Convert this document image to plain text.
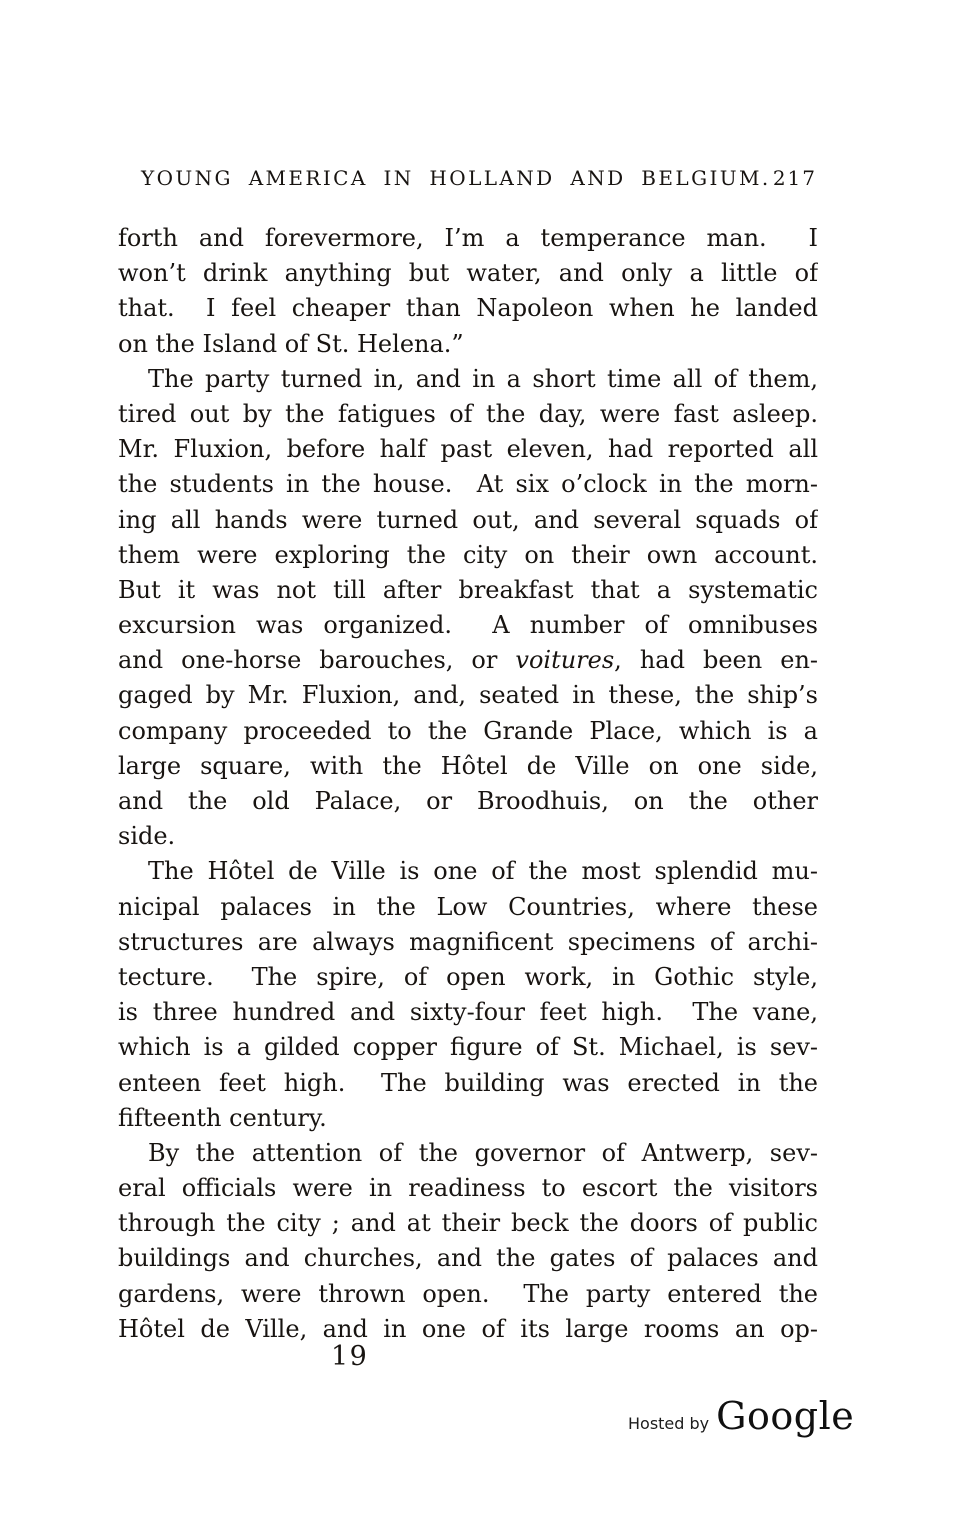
YOUNG AMERICA IN HOLLAND AND BELGIUM. 217
forth and forevermore, I’m a temperance man.  I
won’t drink anything but water, and only a little of
that.  I feel cheaper than Napoleon when he landed
on the Island of St. Helena.”
The party turned in, and in a short time all of them,
tired out by the fatigues of the day, were fast asleep.
Mr. Fluxion, before half past eleven, had reported all
the students in the house.  At six o’clock in the morn-
ing all hands were turned out, and several squads of
them were exploring the city on their own account.
But it was not till after breakfast that a systematic
excursion was organized.  A number of omnibuses
and one-horse barouches, or voitures, had been en-
gaged by Mr. Fluxion, and, seated in these, the ship’s
company proceeded to the Grande Place, which is a
large square, with the Hôtel de Ville on one side,
and the old Palace, or Broodhuis, on the other
side.
The Hôtel de Ville is one of the most splendid mu-
nicipal palaces in the Low Countries, where these
structures are always magnificent specimens of archi-
tecture.  The spire, of open work, in Gothic style,
is three hundred and sixty-four feet high.  The vane,
which is a gilded copper figure of St. Michael, is sev-
enteen feet high.  The building was erected in the
fifteenth century.
By the attention of the governor of Antwerp, sev-
eral officials were in readiness to escort the visitors
through the city ; and at their beck the doors of public
buildings and churches, and the gates of palaces and
gardens, were thrown open.  The party entered the
Hôtel de Ville, and in one of its large rooms an op-
19
Hosted by Google
